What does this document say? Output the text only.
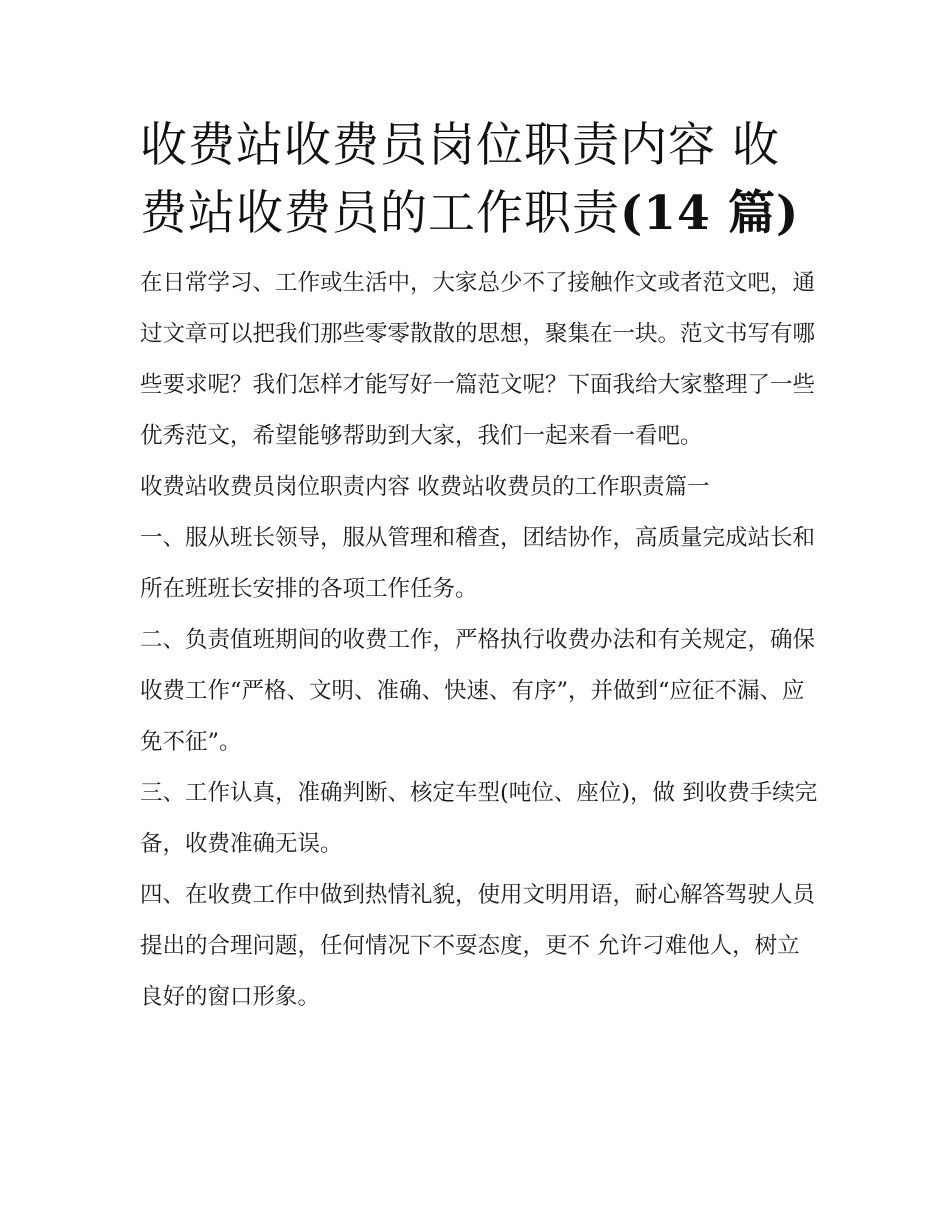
收费站收费员岗位职责内容 收费站收费员的工作职责(14 篇)

在日常学习、工作或生活中，大家总少不了接触作文或者范文吧，通过文章可以把我们那些零零散散的思想，聚集在一块。范文书写有哪些要求呢？我们怎样才能写好一篇范文呢？下面我给大家整理了一些优秀范文，希望能够帮助到大家，我们一起来看一看吧。

收费站收费员岗位职责内容 收费站收费员的工作职责篇一

一、服从班长领导，服从管理和稽查，团结协作，高质量完成站长和所在班班长安排的各项工作任务。

二、负责值班期间的收费工作，严格执行收费办法和有关规定，确保收费工作“严格、文明、准确、快速、有序”，并做到“应征不漏、应免不征”。

三、工作认真，准确判断、核定车型(吨位、座位)，做 到收费手续完备，收费准确无误。

四、在收费工作中做到热情礼貌，使用文明用语，耐心解答驾驶人员提出的合理问题，任何情况下不耍态度，更不 允许刁难他人，树立良好的窗口形象。
